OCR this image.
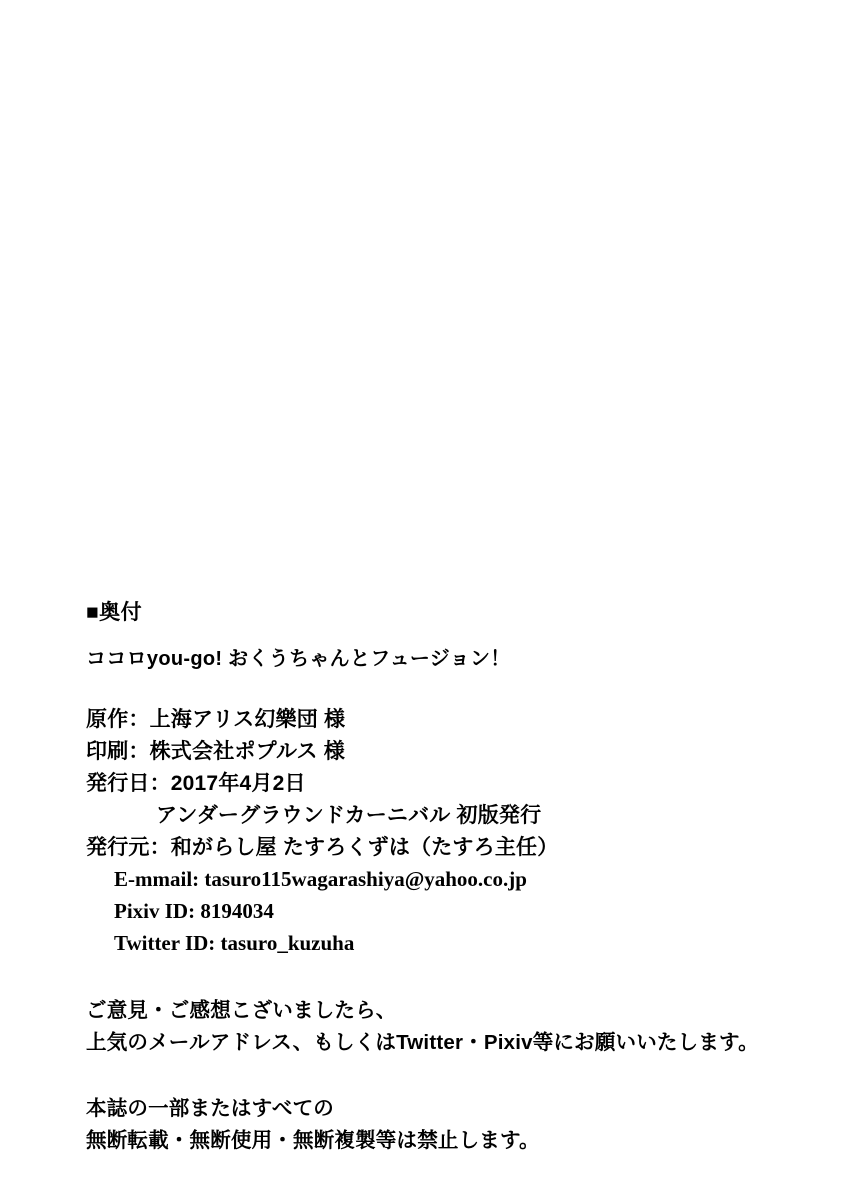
■奥付
ココロyou-go! おくうちゃんとフュージョン！
原作：上海アリス幻樂団 様
印刷：株式会社ポプルス 様
発行日：2017年4月2日
アンダーグラウンドカーニバル 初版発行
発行元：和がらし屋 たすろくずは（たすろ主任）
E-mmail: tasuro115wagarashiya@yahoo.co.jp
Pixiv ID: 8194034
Twitter ID: tasuro_kuzuha
ご意見・ご感想こざいましたら、
上気のメールアドレス、もしくはTwitter・Pixiv等にお願いいたします。
本誌の一部またはすべての
無断転載・無断使用・無断複製等は禁止します。
